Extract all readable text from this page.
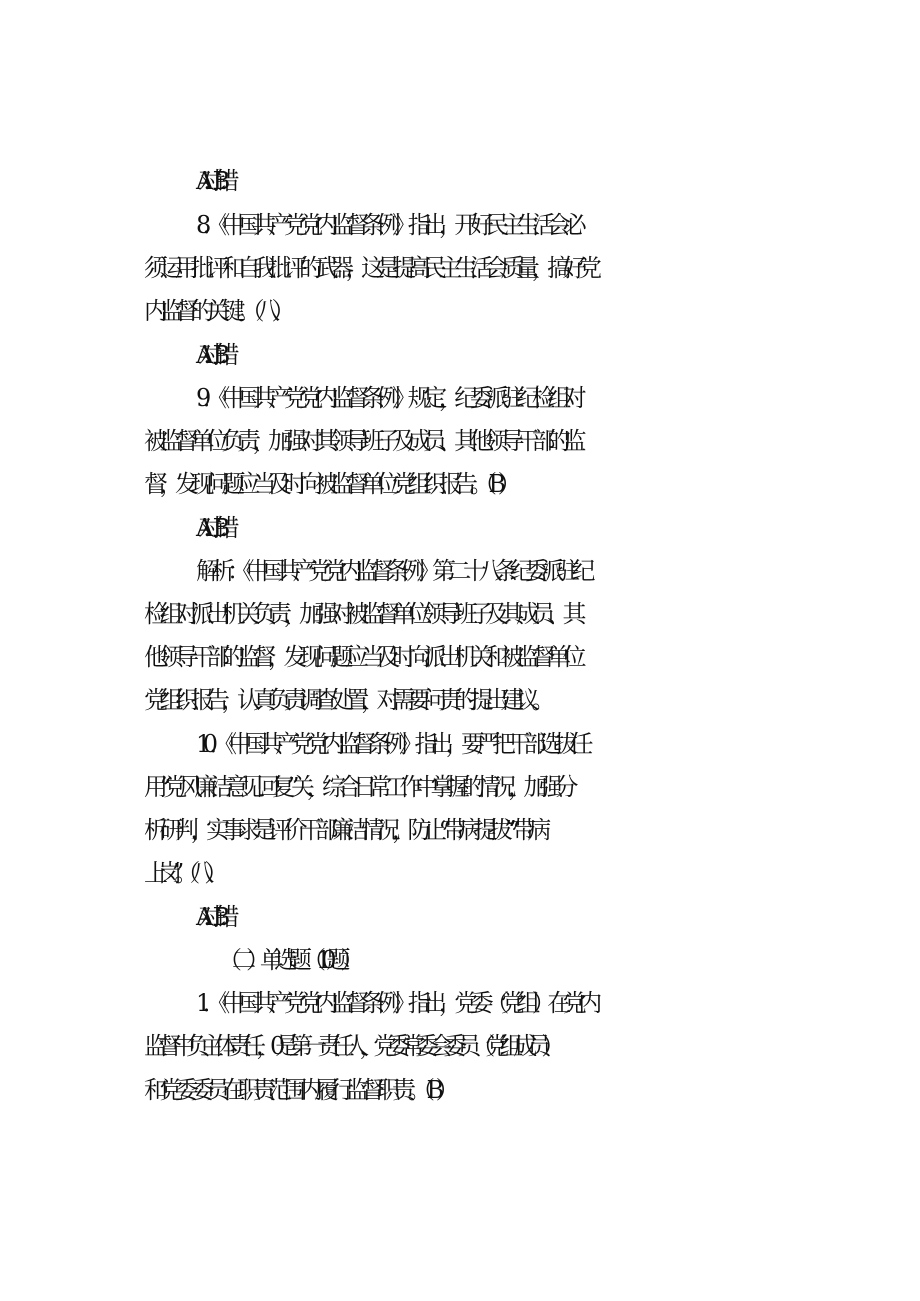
A. 对B. 错
8．《中国共产党党内监督条例》指出，开好民主生活会必
须运用批评和自我批评的武器，这是提高民主生活会质量，搞好党
内监督的关键。（八）
A. 对B. 错
9．《中国共产党党内监督条例》规定，纪委派驻纪检组对
被监督单位负责，加强对其领导班子及成员、其他领导干部的监
督，发现问题应当及时向被监督单位党组织报告。（B）
A. 对B. 错
解析：《中国共产党党内监督条例》第二十八条纪委派驻纪
检组对派出机关负责，加强对被监督单位领导班子及其成员、其
他领导干部的监督，发现问题应当及时向派出机关和被监督单位
党组织报告，认真负责调查处置，对需要问责的提出建议。
10．《中国共产党党内监督条例》指出，要严把干部选拔任
用“党风廉洁意见回复”关，综合日常工作中掌握的情况，加强分
析研判，实事求是评价干部廉洁情况，防止“带病提拔”“带病
上岗”。（八）
A. 对B. 错
（二）单选题（10题）
1．《中国共产党党内监督条例》指出，党委（党组）在党内
监督中负主体责任，0是第一责任人，党委常委会委员（党组成员）
和党委委员在职责范围内履行监督职责。（B）
